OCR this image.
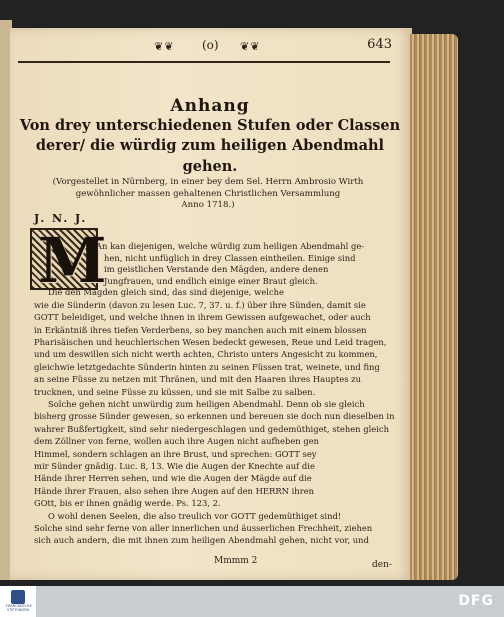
❦❦ (o) ❦❦	643
Anhang
Von drey unterschiedenen Stufen oder Classen
derer/ die würdig zum heiligen Abendmahl
gehen.
(Vorgestellet in Nürnberg, in einer bey dem Sel. Herrn Ambrosio Wirth
gewöhnlicher massen gehaltenen Christlichen Versammlung
Anno 1718.)
J. N. J.
M
An kan diejenigen, welche würdig zum heiligen Abendmahl ge-
hen, nicht unfüglich in drey Classen eintheilen. Einige sind
im geistlichen Verstande den Mägden, andere denen
Jungfrauen, und endlich einige einer Braut gleich.
Die den Mägden gleich sind, das sind diejenige, welche
wie die Sünderin (davon zu lesen Luc. 7, 37. u. f.) über ihre Sünden, damit sie
GOTT beleidiget, und welche ihnen in ihrem Gewissen aufgewachet, oder auch
in Erkäntniß ihres tiefen Verderbens, so bey manchen auch mit einem blossen
Pharisäischen und heuchlerischen Wesen bedeckt gewesen, Reue und Leid tragen,
und um deswillen sich nicht werth achten, Christo unters Angesicht zu kommen,
gleichwie letztgedachte Sünderin hinten zu seinen Füssen trat, weinete, und fing
an seine Füsse zu netzen mit Thränen, und mit den Haaren ihres Hauptes zu
trucknen, und seine Füsse zu küssen, und sie mit Salbe zu salben.
Solche gehen nicht unwürdig zum heiligen Abendmahl. Denn ob sie gleich
bisherg grosse Sünder gewesen, so erkennen und bereuen sie doch nun dieselben in
wahrer Bußfertigkeit, sind sehr niedergeschlagen und gedemüthiget, stehen gleich
dem Zöllner von ferne, wollen auch ihre Augen nicht aufheben gen
Himmel, sondern schlagen an ihre Brust, und sprechen: GOTT sey
mir Sünder gnädig. Luc. 8, 13. Wie die Augen der Knechte auf die
Hände ihrer Herren sehen, und wie die Augen der Mägde auf die
Hände ihrer Frauen, also sehen ihre Augen auf den HERRN ihren
GOtt, bis er ihnen gnädig werde. Ps. 123, 2.
O wohl denen Seelen, die also treulich vor GOTT gedemüthiget sind!
Solche sind sehr ferne von aller innerlichen und äusserlichen Frechheit, ziehen
sich auch andern, die mit ihnen zum heiligen Abendmahl gehen, nicht vor, und
Mmmm 2	den-
FRANCKESCHE STIFTUNGEN
DFG
